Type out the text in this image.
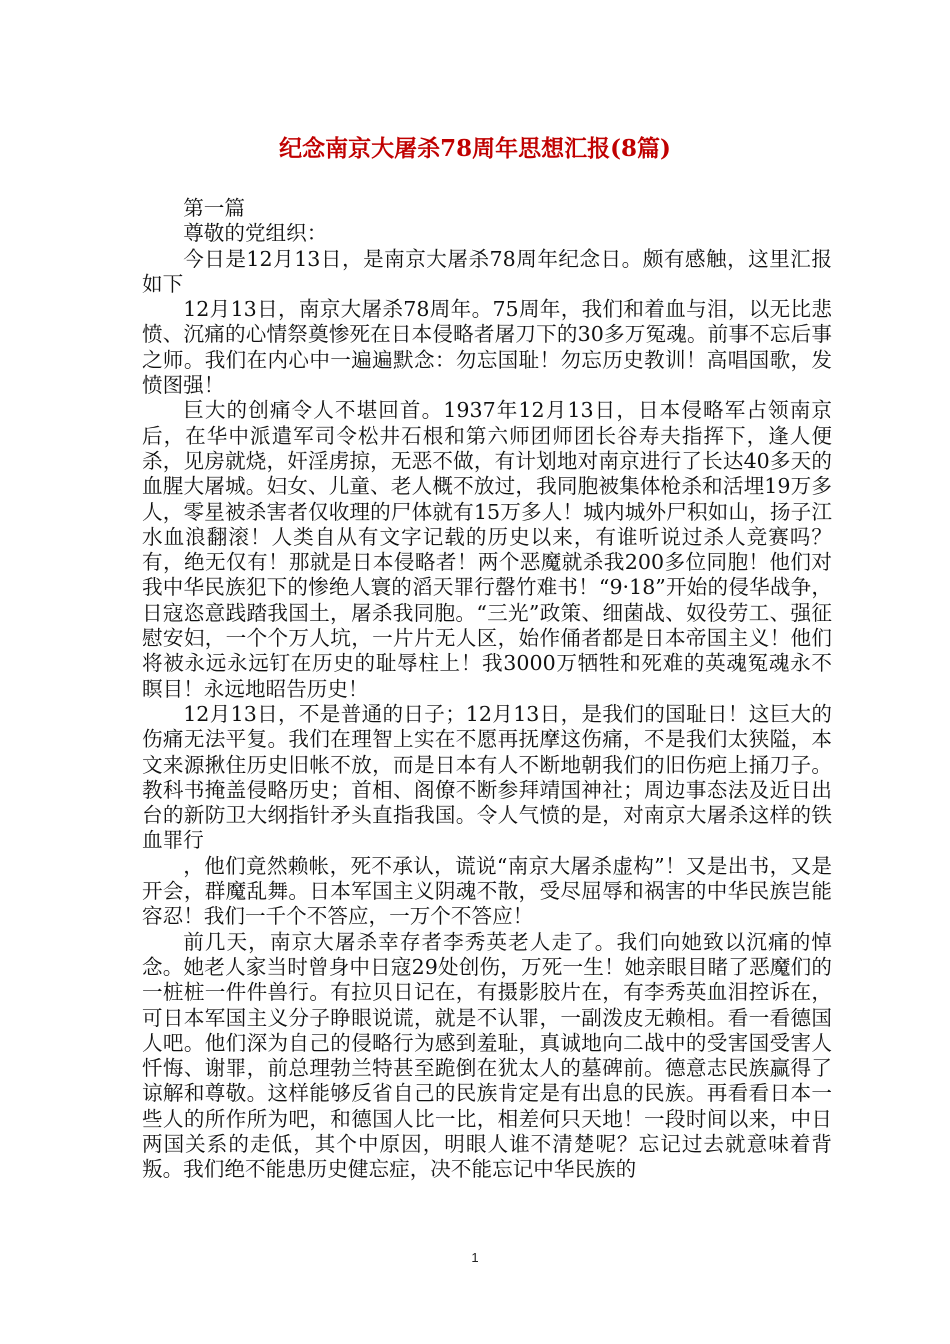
纪念南京大屠杀78周年思想汇报(8篇)

第一篇

尊敬的党组织：

今日是12月13日，是南京大屠杀78周年纪念日。颇有感触，这里汇报如下

12月13日，南京大屠杀78周年。75周年，我们和着血与泪，以无比悲愤、沉痛的心情祭奠惨死在日本侵略者屠刀下的30多万冤魂。前事不忘后事之师。我们在内心中一遍遍默念：勿忘国耻！勿忘历史教训！高唱国歌，发愤图强！

巨大的创痛令人不堪回首。1937年12月13日，日本侵略军占领南京后，在华中派遣军司令松井石根和第六师团师团长谷寿夫指挥下，逢人便杀，见房就烧，奸淫虏掠，无恶不做，有计划地对南京进行了长达40多天的血腥大屠城。妇女、儿童、老人概不放过，我同胞被集体枪杀和活埋19万多人，零星被杀害者仅收理的尸体就有15万多人！城内城外尸积如山，扬子江水血浪翻滚！人类自从有文字记载的历史以来，有谁听说过杀人竞赛吗？有，绝无仅有！那就是日本侵略者！两个恶魔就杀我200多位同胞！他们对我中华民族犯下的惨绝人寰的滔天罪行罄竹难书！“9·18”开始的侵华战争，日寇恣意践踏我国土，屠杀我同胞。“三光”政策、细菌战、奴役劳工、强征慰安妇，一个个万人坑，一片片无人区，始作俑者都是日本帝国主义！他们将被永远永远钉在历史的耻辱柱上！我3000万牺牲和死难的英魂冤魂永不瞑目！永远地昭告历史！

12月13日，不是普通的日子；12月13日，是我们的国耻日！这巨大的伤痛无法平复。我们在理智上实在不愿再抚摩这伤痛，不是我们太狭隘，本文来源揪住历史旧帐不放，而是日本有人不断地朝我们的旧伤疤上捅刀子。教科书掩盖侵略历史；首相、阁僚不断参拜靖国神社；周边事态法及近日出台的新防卫大纲指针矛头直指我国。令人气愤的是，对南京大屠杀这样的铁血罪行

，他们竟然赖帐，死不承认，谎说“南京大屠杀虚构”！又是出书，又是开会，群魔乱舞。日本军国主义阴魂不散，受尽屈辱和祸害的中华民族岂能容忍！我们一千个不答应，一万个不答应！

前几天，南京大屠杀幸存者李秀英老人走了。我们向她致以沉痛的悼念。她老人家当时曾身中日寇29处创伤，万死一生！她亲眼目睹了恶魔们的一桩桩一件件兽行。有拉贝日记在，有摄影胶片在，有李秀英血泪控诉在，可日本军国主义分子睁眼说谎，就是不认罪，一副泼皮无赖相。看一看德国人吧。他们深为自己的侵略行为感到羞耻，真诚地向二战中的受害国受害人忏悔、谢罪，前总理勃兰特甚至跪倒在犹太人的墓碑前。德意志民族赢得了谅解和尊敬。这样能够反省自己的民族肯定是有出息的民族。再看看日本一些人的所作所为吧，和德国人比一比，相差何只天地！一段时间以来，中日两国关系的走低，其个中原因，明眼人谁不清楚呢？忘记过去就意味着背叛。我们绝不能患历史健忘症，决不能忘记中华民族的

1
